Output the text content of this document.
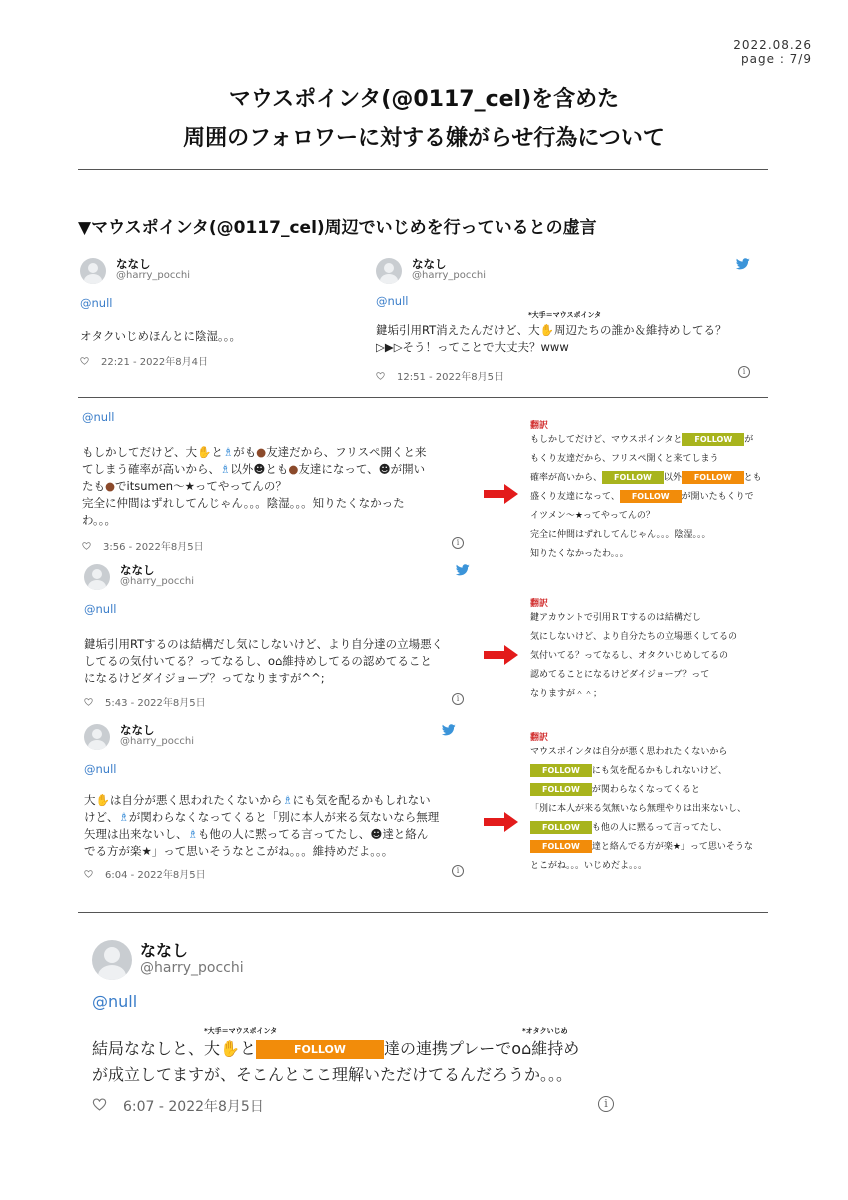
2022.08.26
page : 7/9
マウスポインタ(@0117_cel)を含めた
周囲のフォロワーに対する嫌がらせ行為について
▼マウスポインタ(@0117_cel)周辺でいじめを行っているとの虚言
ななし
@harry_pocchi
@null
オタクいじめほんとに陰湿。。。
22:21 - 2022年8月4日
ななし
@harry_pocchi
@null
*大手＝マウスポインタ
鍵垢引用RT消えたんだけど、大✋周辺たちの誰か＆維持めしてる？
▷▶▷そう！ってことで大丈夫？www
12:51 - 2022年8月5日
i
@null
もしかしてだけど、大✋と♗がも●友達だから、フリスペ開くと来
てしまう確率が高いから、♗以外☻とも●友達になって、☻が開い
たも●でitsumen〜★ってやってんの？
完全に仲間はずれしてんじゃん。。。陰湿。。。知りたくなかった
わ。。。
3:56 - 2022年8月5日	i
翻訳
もしかしてだけど、マウスポインタと FOLLOW が
もくり友達だから、フリスペ開くと来てしまう
確率が高いから、 FOLLOW 以外 FOLLOW とも
盛くり友達になって、 FOLLOW が開いたもくりで
イツメン〜★ってやってんの？
完全に仲間はずれしてんじゃん。。。陰湿。。。
知りたくなかったわ。。。
ななし
@harry_pocchi
@null
鍵垢引用RTするのは結構だし気にしないけど、より自分達の立場悪く
してるの気付いてる？ってなるし、o⌂維持めしてるの認めてること
になるけどダイジョーブ？ってなりますが^^;
5:43 - 2022年8月5日	i
翻訳
鍵アカウントで引用ＲＴするのは結構だし
気にしないけど、より自分たちの立場悪くしてるの
気付いてる？ってなるし、オタクいじめしてるの
認めてることになるけどダイジョーブ？って
なりますが＾＾；
ななし
@harry_pocchi
@null
大✋は自分が悪く思われたくないから♗にも気を配るかもしれない
けど、♗が関わらなくなってくると「別に本人が来る気ないなら無理
矢理は出来ないし、♗も他の人に黙ってる言ってたし、☻達と絡ん
でる方が楽★」って思いそうなとこがね。。。維持めだよ。。。
6:04 - 2022年8月5日	i
翻訳
マウスポインタは自分が悪く思われたくないから
FOLLOW にも気を配るかもしれないけど、
FOLLOW が関わらなくなってくると
「別に本人が来る気無いなら無理やりは出来ないし、
FOLLOW も他の人に黙るって言ってたし、
FOLLOW 達と絡んでる方が楽★」って思いそうな
とこがね。。。いじめだよ。。。
ななし
@harry_pocchi
@null
*大手＝マウスポインタ	*オタクいじめ
結局ななしと、大✋と	FOLLOW 達の連携プレーでo⌂維持め
が成立してますが、そこんとここ理解いただけてるんだろうか。。。
6:07 - 2022年8月5日	i
